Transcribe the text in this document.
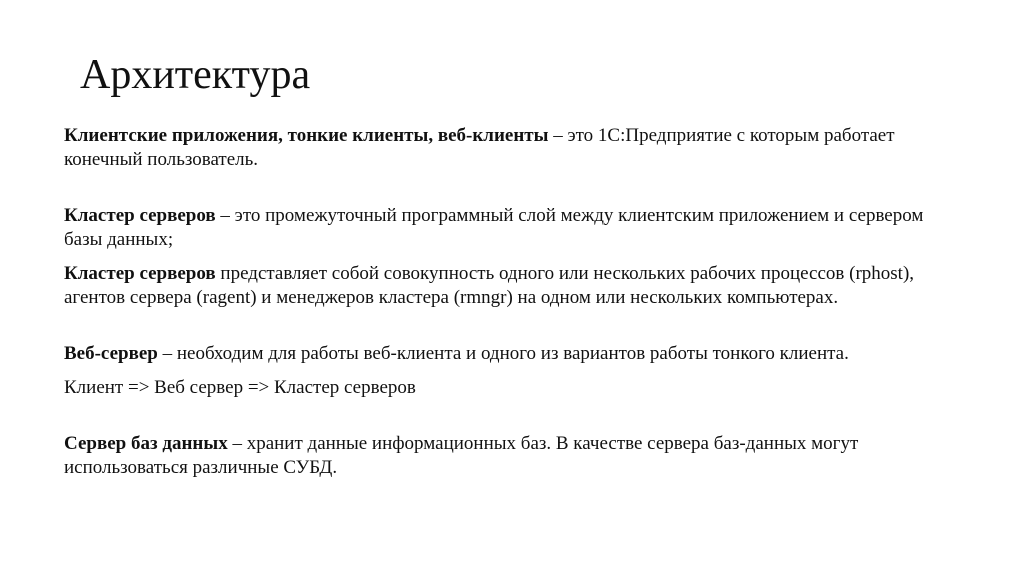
Архитектура

Клиентские приложения, тонкие клиенты, веб-клиенты – это 1С:Предприятие с которым работает конечный пользователь.

Кластер серверов – это промежуточный программный слой между клиентским приложением и сервером базы данных;

Кластер серверов представляет собой совокупность одного или нескольких рабочих процессов (rphost), агентов сервера (ragent) и менеджеров кластера (rmngr) на одном или нескольких компьютерах.

Веб-сервер – необходим для работы веб-клиента и одного из вариантов работы тонкого клиента.

Клиент => Веб сервер => Кластер серверов

Сервер баз данных – хранит данные информационных баз. В качестве сервера баз-данных могут использоваться различные СУБД.
